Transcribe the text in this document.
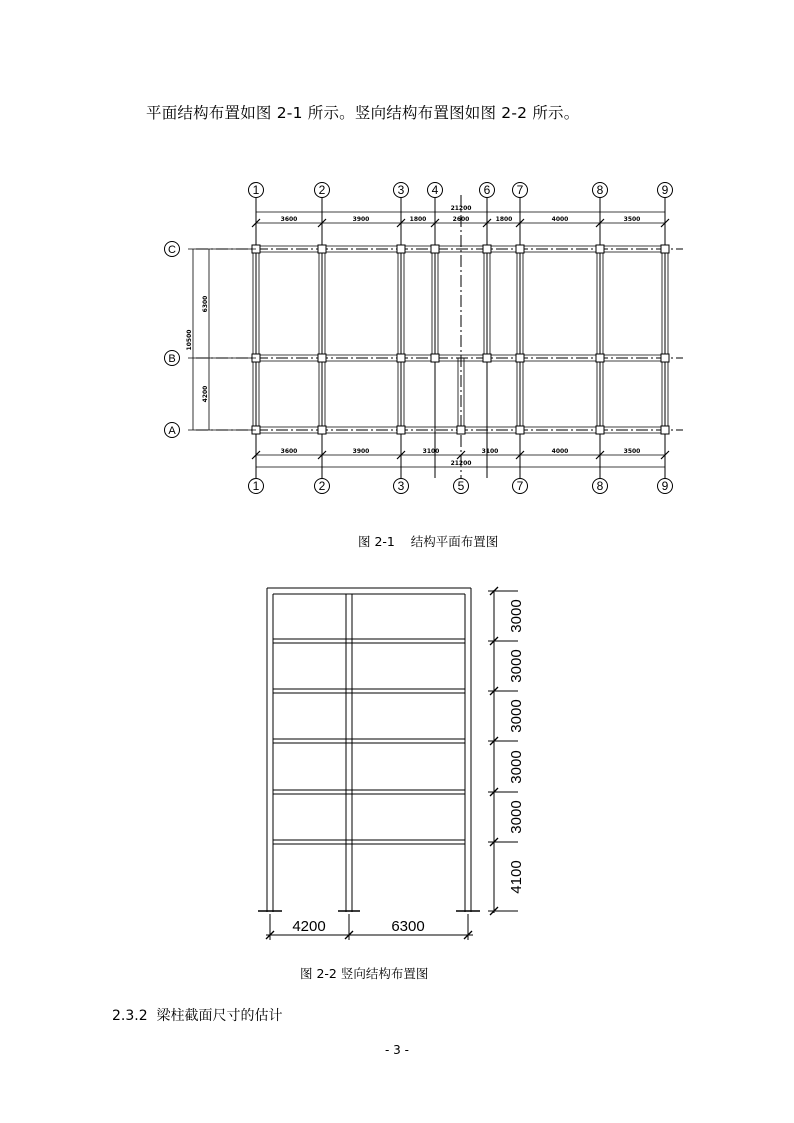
平面结构布置如图 2-1 所示。竖向结构布置图如图 2-2 所示。
1	2	3 4	6 7	8	9
1	2	3	5	7	8	9
C
B
A
21200
3600	3900	1800	2600	1800	4000	3500
3600	3900	3100	3100	4000	3500
21200
10500
6300
4200
图 2-1    结构平面布置图
3000
3000
3000
3000
3000
4100
4200	6300
图 2-2 竖向结构布置图
2.3.2  梁柱截面尺寸的估计
- 3 -
